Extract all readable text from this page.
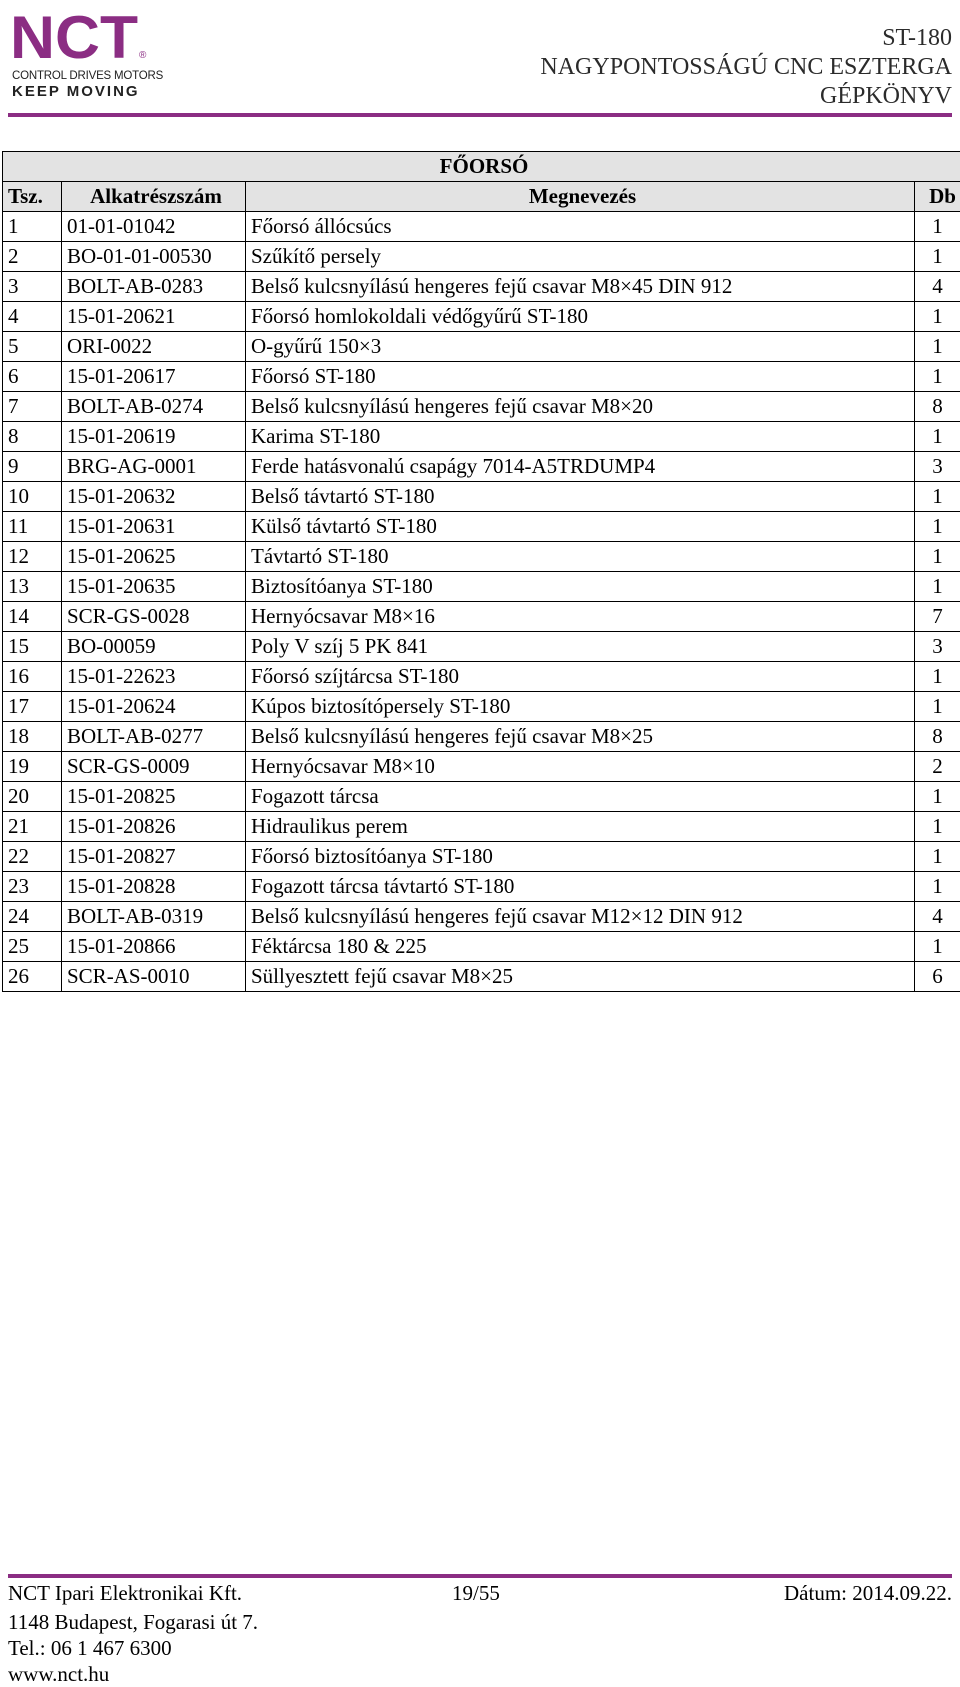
NCT ®
CONTROL DRIVES MOTORS
KEEP MOVING
ST-180
NAGYPONTOSSÁGÚ CNC ESZTERGA
GÉPKÖNYV
FŐORSÓ			
Tsz.	Alkatrészszám	Megnevezés	Db
1	01-01-01042	Főorsó állócsúcs	1
2	BO-01-01-00530	Szűkítő persely	1
3	BOLT-AB-0283	Belső kulcsnyílású hengeres fejű csavar M8×45 DIN 912	4
4	15-01-20621	Főorsó homlokoldali védőgyűrű ST-180	1
5	ORI-0022	O-gyűrű 150×3	1
6	15-01-20617	Főorsó ST-180	1
7	BOLT-AB-0274	Belső kulcsnyílású hengeres fejű csavar M8×20	8
8	15-01-20619	Karima ST-180	1
9	BRG-AG-0001	Ferde hatásvonalú csapágy 7014-A5TRDUMP4	3
10	15-01-20632	Belső távtartó ST-180	1
11	15-01-20631	Külső távtartó ST-180	1
12	15-01-20625	Távtartó ST-180	1
13	15-01-20635	Biztosítóanya ST-180	1
14	SCR-GS-0028	Hernyócsavar M8×16	7
15	BO-00059	Poly V szíj 5 PK 841	3
16	15-01-22623	Főorsó szíjtárcsa ST-180	1
17	15-01-20624	Kúpos biztosítópersely ST-180	1
18	BOLT-AB-0277	Belső kulcsnyílású hengeres fejű csavar M8×25	8
19	SCR-GS-0009	Hernyócsavar M8×10	2
20	15-01-20825	Fogazott tárcsa	1
21	15-01-20826	Hidraulikus perem	1
22	15-01-20827	Főorsó biztosítóanya ST-180	1
23	15-01-20828	Fogazott tárcsa távtartó ST-180	1
24	BOLT-AB-0319	Belső kulcsnyílású hengeres fejű csavar M12×12 DIN 912	4
25	15-01-20866	Féktárcsa 180 & 225	1
26	SCR-AS-0010	Süllyesztett fejű csavar M8×25	6
NCT Ipari Elektronikai Kft.	19/55	Dátum: 2014.09.22.
1148 Budapest, Fogarasi út 7.
Tel.: 06 1 467 6300
www.nct.hu
